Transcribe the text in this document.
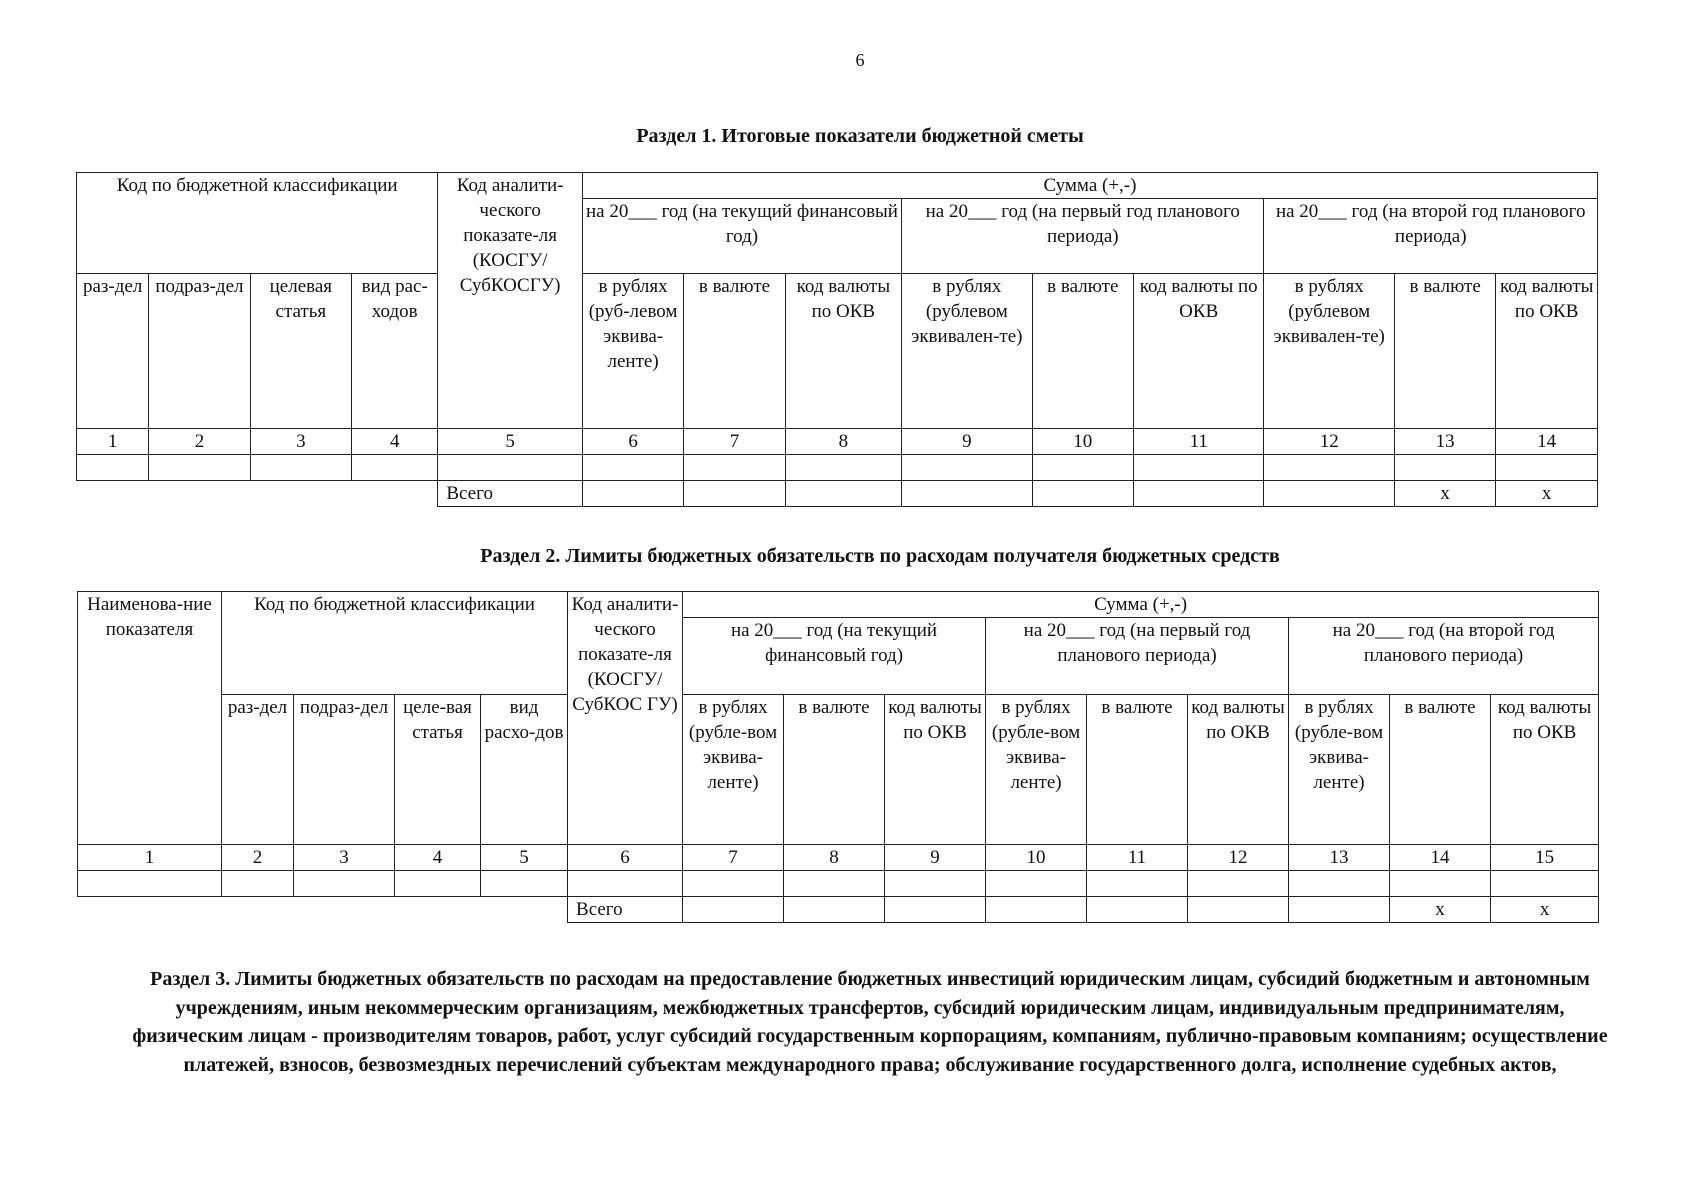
6
Раздел 1. Итоговые показатели бюджетной сметы
Код по бюджетной классификации				Код аналити-ческого показате-ля (КОСГУ/ СубКОСГУ)	Сумма (+,-)								
					на 20___ год (на текущий финансовый год)			на 20___ год (на первый год планового периода)			на 20___ год (на второй год планового периода)		
раз-дел	подраз-дел	целевая статья	вид рас-ходов		в рублях (руб-левом эквива-ленте)	в валюте	код валюты по ОКВ	в рублях (рублевом эквивален-те)	в валюте	код валюты по ОКВ	в рублях (рублевом эквивален-те)	в валюте	код валюты по ОКВ
1	2	3	4	5	6	7	8	9	10	11	12	13	14

				Всего								x	x
Раздел 2. Лимиты бюджетных обязательств по расходам получателя бюджетных средств
Наименова-ние показателя	Код по бюджетной классификации				Код аналити-ческого показате-ля (КОСГУ/ СубКОС ГУ)	Сумма (+,-)								
						на 20___ год (на текущий финансовый год)			на 20___ год (на первый год планового периода)			на 20___ год (на второй год планового периода)		
	раз-дел	подраз-дел	целе-вая статья	вид расхо-дов		в рублях (рубле-вом эквива-ленте)	в валюте	код валюты по ОКВ	в рублях (рубле-вом эквива-ленте)	в валюте	код валюты по ОКВ	в рублях (рубле-вом эквива-ленте)	в валюте	код валюты по ОКВ
1	2	3	4	5	6	7	8	9	10	11	12	13	14	15

					Всего								x	x
Раздел 3. Лимиты бюджетных обязательств по расходам на предоставление бюджетных инвестиций юридическим лицам, субсидий бюджетным и автономным учреждениям, иным некоммерческим организациям, межбюджетных трансфертов, субсидий юридическим лицам, индивидуальным предпринимателям, физическим лицам - производителям товаров, работ, услуг субсидий государственным корпорациям, компаниям, публично-правовым компаниям; осуществление платежей, взносов, безвозмездных перечислений субъектам международного права; обслуживание государственного долга, исполнение судебных актов,
